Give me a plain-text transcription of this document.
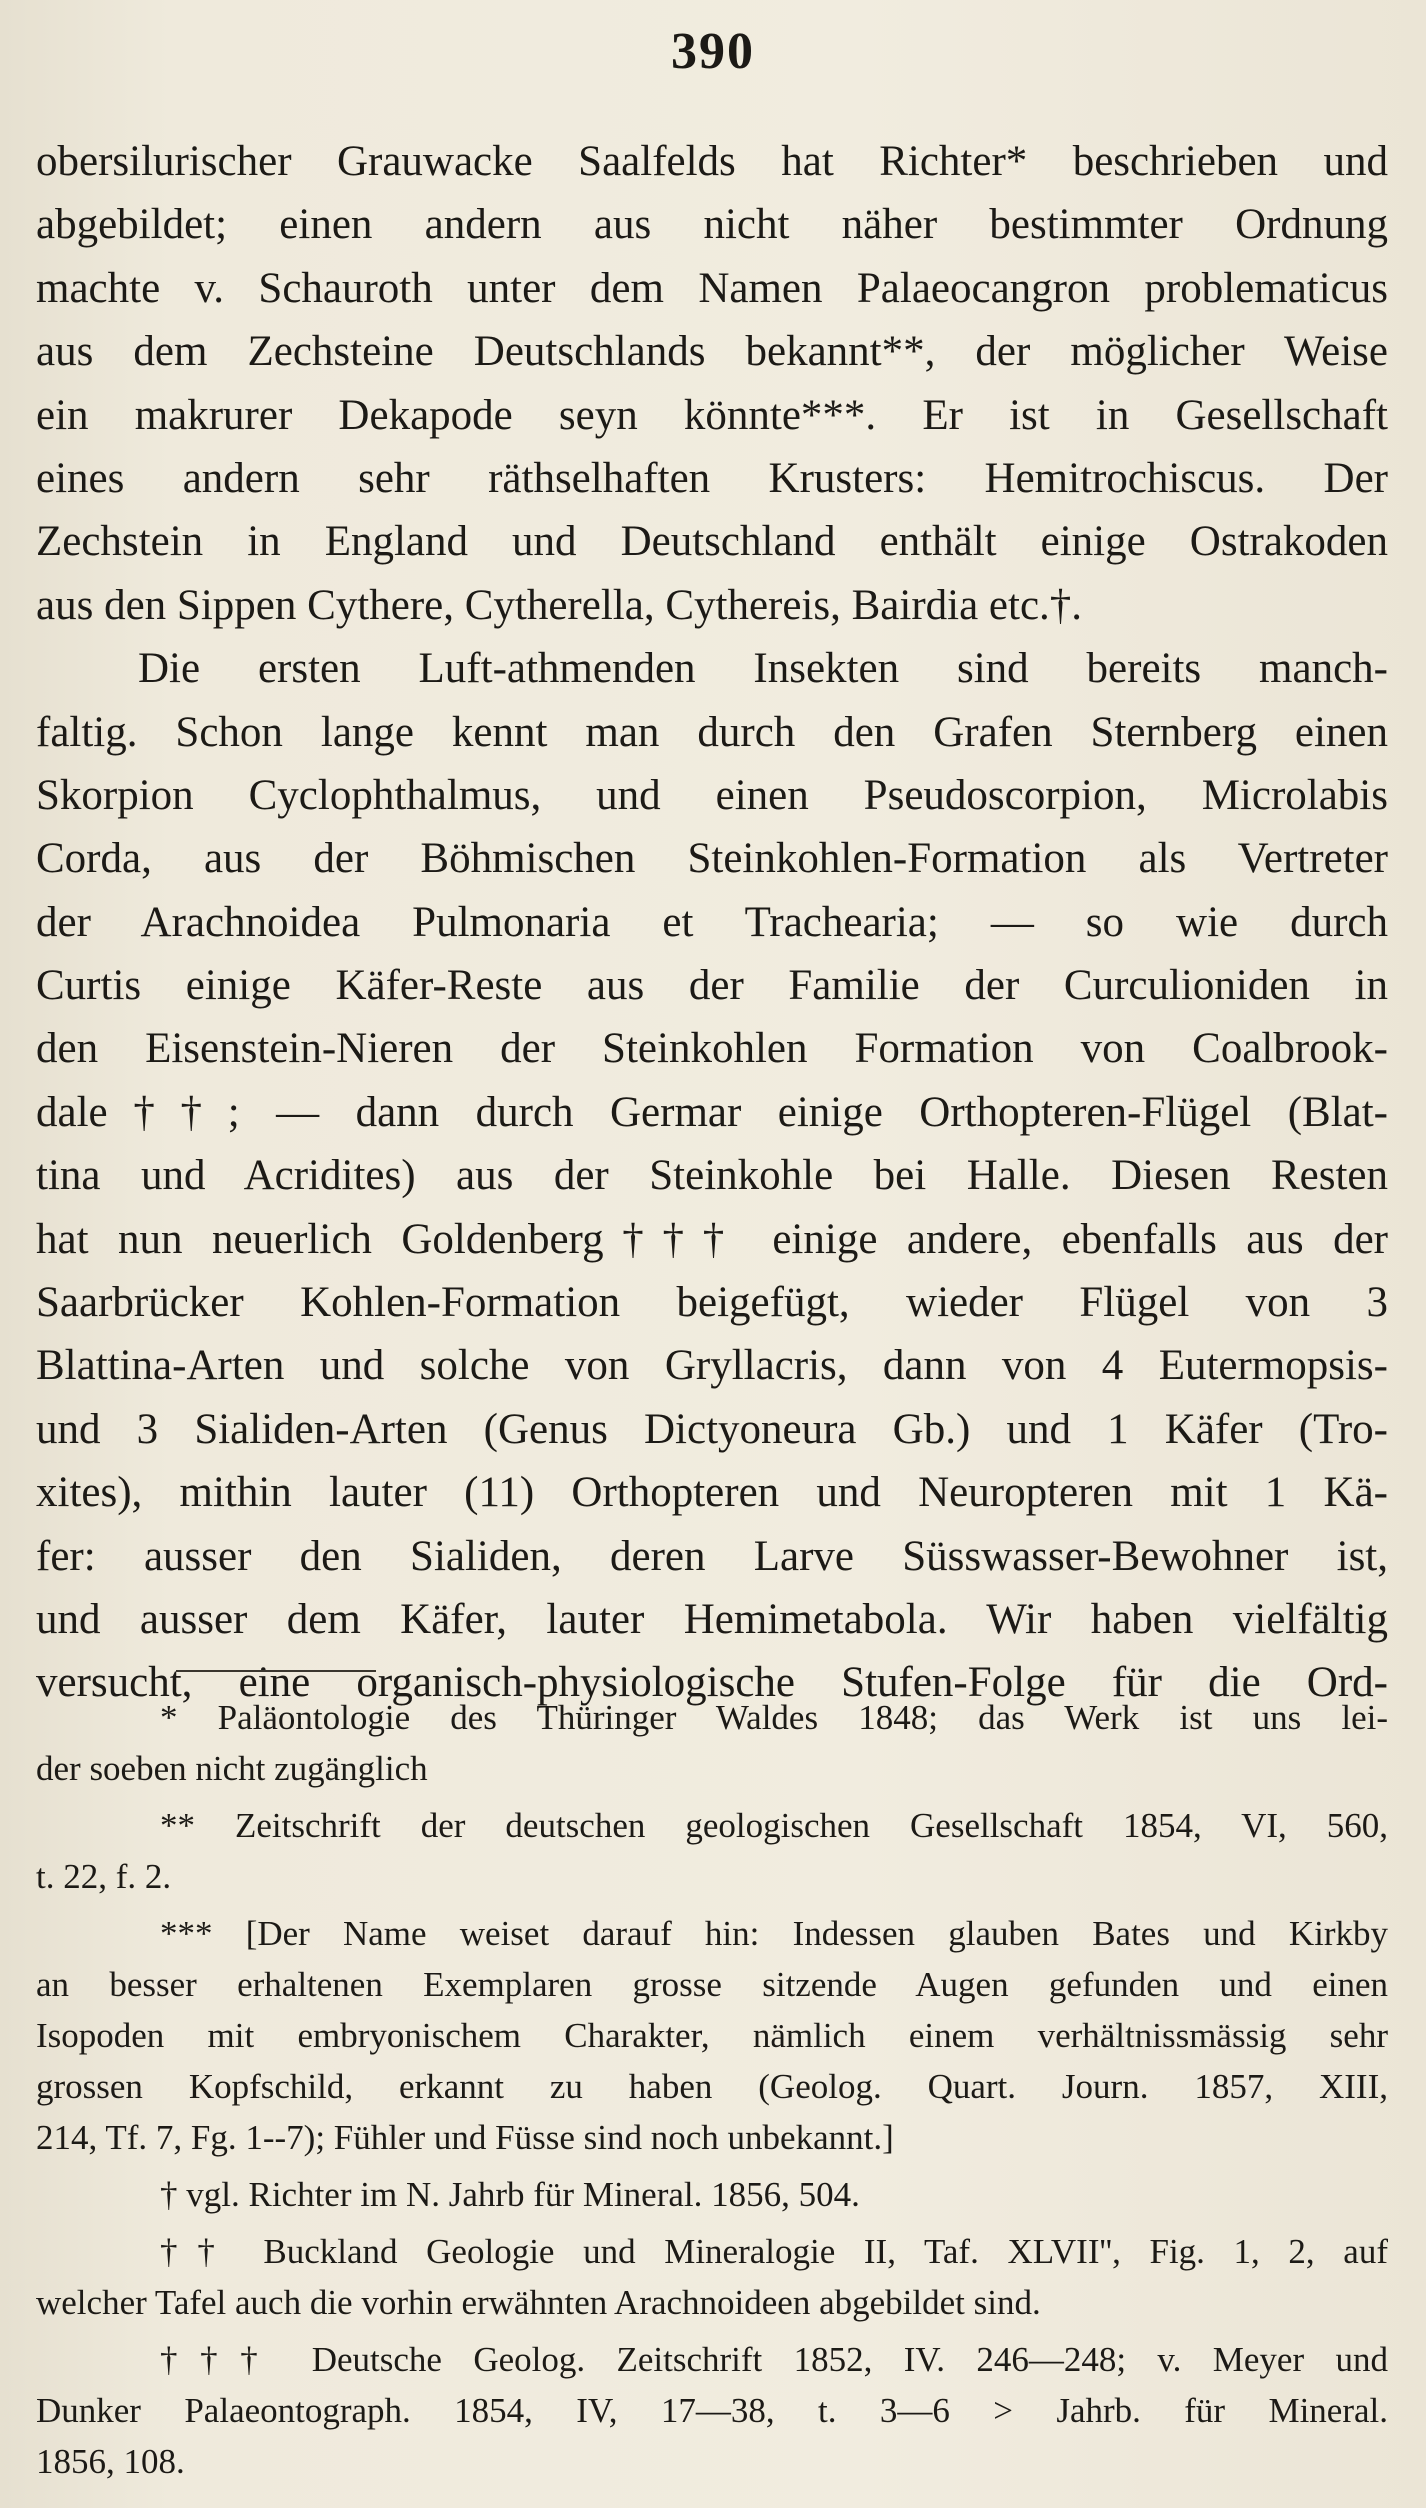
390
obersilurischer Grauwacke Saalfelds hat Richter* beschrieben und
abgebildet; einen andern aus nicht näher bestimmter Ordnung
machte v. Schauroth unter dem Namen Palaeocangron problematicus
aus dem Zechsteine Deutschlands bekannt**, der möglicher Weise
ein makrurer Dekapode seyn könnte***. Er ist in Gesellschaft
eines andern sehr räthselhaften Krusters: Hemitrochiscus. Der
Zechstein in England und Deutschland enthält einige Ostrakoden
aus den Sippen Cythere, Cytherella, Cythereis, Bairdia etc.†.
Die ersten Luft-athmenden Insekten sind bereits manch-
faltig. Schon lange kennt man durch den Grafen Sternberg einen
Skorpion Cyclophthalmus, und einen Pseudoscorpion, Microlabis
Corda, aus der Böhmischen Steinkohlen-Formation als Vertreter
der Arachnoidea Pulmonaria et Trachearia; — so wie durch
Curtis einige Käfer-Reste aus der Familie der Curculioniden in
den Eisenstein-Nieren der Steinkohlen Formation von Coalbrook-
dale††; — dann durch Germar einige Orthopteren-Flügel (Blat-
tina und Acridites) aus der Steinkohle bei Halle. Diesen Resten
hat nun neuerlich Goldenberg††† einige andere, ebenfalls aus der
Saarbrücker Kohlen-Formation beigefügt, wieder Flügel von 3
Blattina-Arten und solche von Gryllacris, dann von 4 Eutermopsis-
und 3 Sialiden-Arten (Genus Dictyoneura Gb.) und 1 Käfer (Tro-
xites), mithin lauter (11) Orthopteren und Neuropteren mit 1 Kä-
fer: ausser den Sialiden, deren Larve Süsswasser-Bewohner ist,
und ausser dem Käfer, lauter Hemimetabola. Wir haben vielfältig
versucht, eine organisch-physiologische Stufen-Folge für die Ord-
* Paläontologie des Thüringer Waldes 1848; das Werk ist uns lei-
der soeben nicht zugänglich
** Zeitschrift der deutschen geologischen Gesellschaft 1854, VI, 560,
t. 22, f. 2.
*** [Der Name weiset darauf hin: Indessen glauben Bates und Kirkby
an besser erhaltenen Exemplaren grosse sitzende Augen gefunden und einen
Isopoden mit embryonischem Charakter, nämlich einem verhältnissmässig sehr
grossen Kopfschild, erkannt zu haben (Geolog. Quart. Journ. 1857, XIII,
214, Tf. 7, Fg. 1--7); Fühler und Füsse sind noch unbekannt.]
† vgl. Richter im N. Jahrb für Mineral. 1856, 504.
†† Buckland Geologie und Mineralogie II, Taf. XLVII'', Fig. 1, 2, auf
welcher Tafel auch die vorhin erwähnten Arachnoideen abgebildet sind.
††† Deutsche Geolog. Zeitschrift 1852, IV. 246—248; v. Meyer und
Dunker Palaeontograph. 1854, IV, 17—38, t. 3—6 > Jahrb. für Mineral.
1856, 108.
